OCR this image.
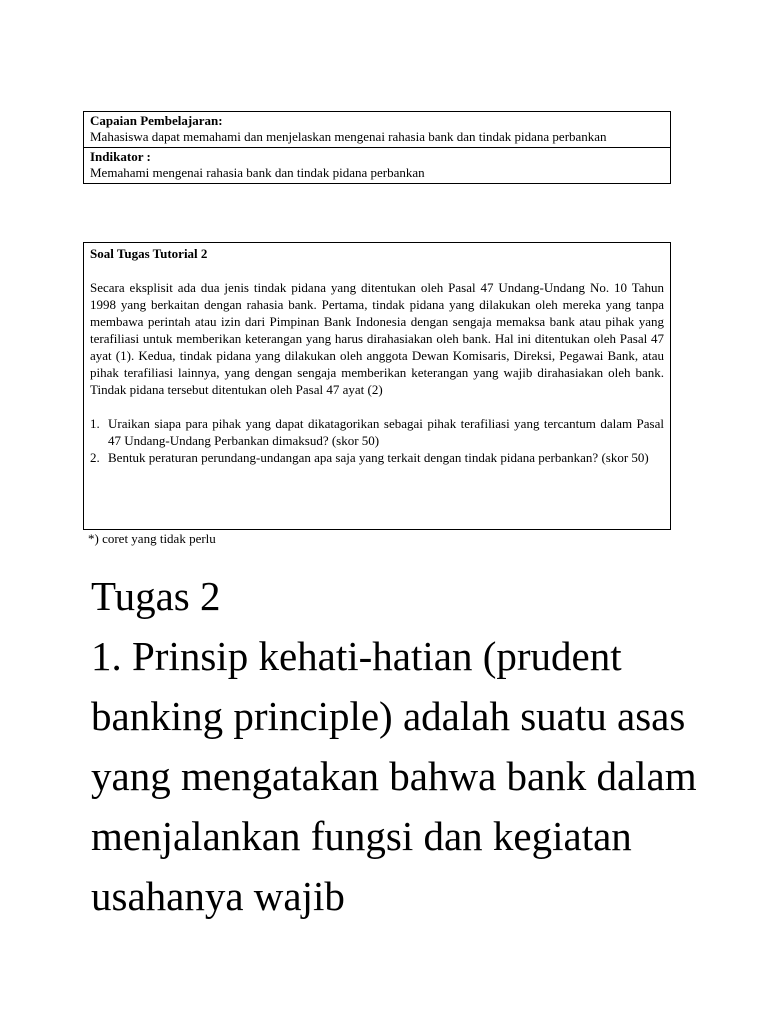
Capaian Pembelajaran:
Mahasiswa dapat memahami dan menjelaskan mengenai rahasia bank dan tindak pidana perbankan
Indikator :
Memahami mengenai rahasia bank dan tindak pidana perbankan
Soal Tugas Tutorial 2
Secara eksplisit ada dua jenis tindak pidana yang ditentukan oleh Pasal 47 Undang-Undang No. 10 Tahun 1998 yang berkaitan dengan rahasia bank. Pertama, tindak pidana yang dilakukan oleh mereka yang tanpa membawa perintah atau izin dari Pimpinan Bank Indonesia dengan sengaja memaksa bank atau pihak yang terafiliasi untuk memberikan keterangan yang harus dirahasiakan oleh bank. Hal ini ditentukan oleh Pasal 47 ayat (1). Kedua, tindak pidana yang dilakukan oleh anggota Dewan Komisaris, Direksi, Pegawai Bank, atau pihak terafiliasi lainnya, yang dengan sengaja memberikan keterangan yang wajib dirahasiakan oleh bank. Tindak pidana tersebut ditentukan oleh Pasal 47 ayat (2)
1. Uraikan siapa para pihak yang dapat dikatagorikan sebagai pihak terafiliasi yang tercantum dalam Pasal 47 Undang-Undang Perbankan dimaksud? (skor 50)
2. Bentuk peraturan perundang-undangan apa saja yang terkait dengan tindak pidana perbankan? (skor 50)
*) coret yang tidak perlu

Tugas 2

1. Prinsip kehati-hatian (prudent banking principle) adalah suatu asas yang mengatakan bahwa bank dalam menjalankan fungsi dan kegiatan usahanya wajib
